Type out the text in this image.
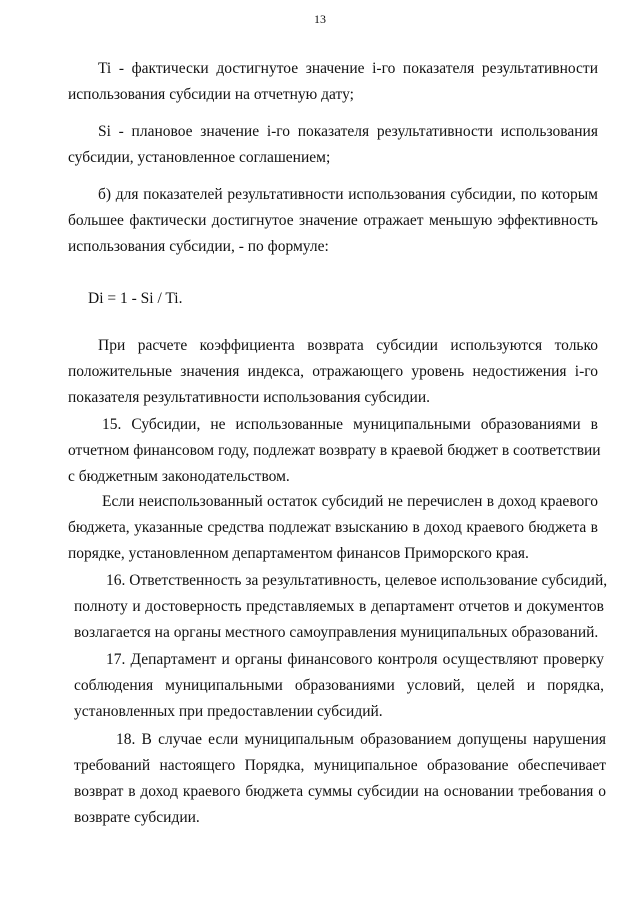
13

Ti - фактически достигнутое значение i-го показателя результативности
использования субсидии на отчетную дату;

Si - плановое значение i-го показателя результативности использования
субсидии, установленное соглашением;

б) для показателей результативности использования субсидии, по которым
большее фактически достигнутое значение отражает меньшую эффективность
использования субсидии, - по формуле:

Di = 1 - Si / Ti.

При расчете коэффициента возврата субсидии используются только
положительные значения индекса, отражающего уровень недостижения i-го
показателя результативности использования субсидии.

15. Субсидии, не использованные муниципальными образованиями в
отчетном финансовом году, подлежат возврату в краевой бюджет в соответствии
с бюджетным законодательством.

Если неиспользованный остаток субсидий не перечислен в доход краевого
бюджета, указанные средства подлежат взысканию в доход краевого бюджета в
порядке, установленном департаментом финансов Приморского края.

16. Ответственность за результативность, целевое использование субсидий,
полноту и достоверность представляемых в департамент отчетов и документов
возлагается на органы местного самоуправления муниципальных образований.

17. Департамент и органы финансового контроля осуществляют проверку
соблюдения муниципальными образованиями условий, целей и порядка,
установленных при предоставлении субсидий.

18. В случае если муниципальным образованием допущены нарушения
требований настоящего Порядка, муниципальное образование обеспечивает
возврат в доход краевого бюджета суммы субсидии на основании требования о
возврате субсидии.
